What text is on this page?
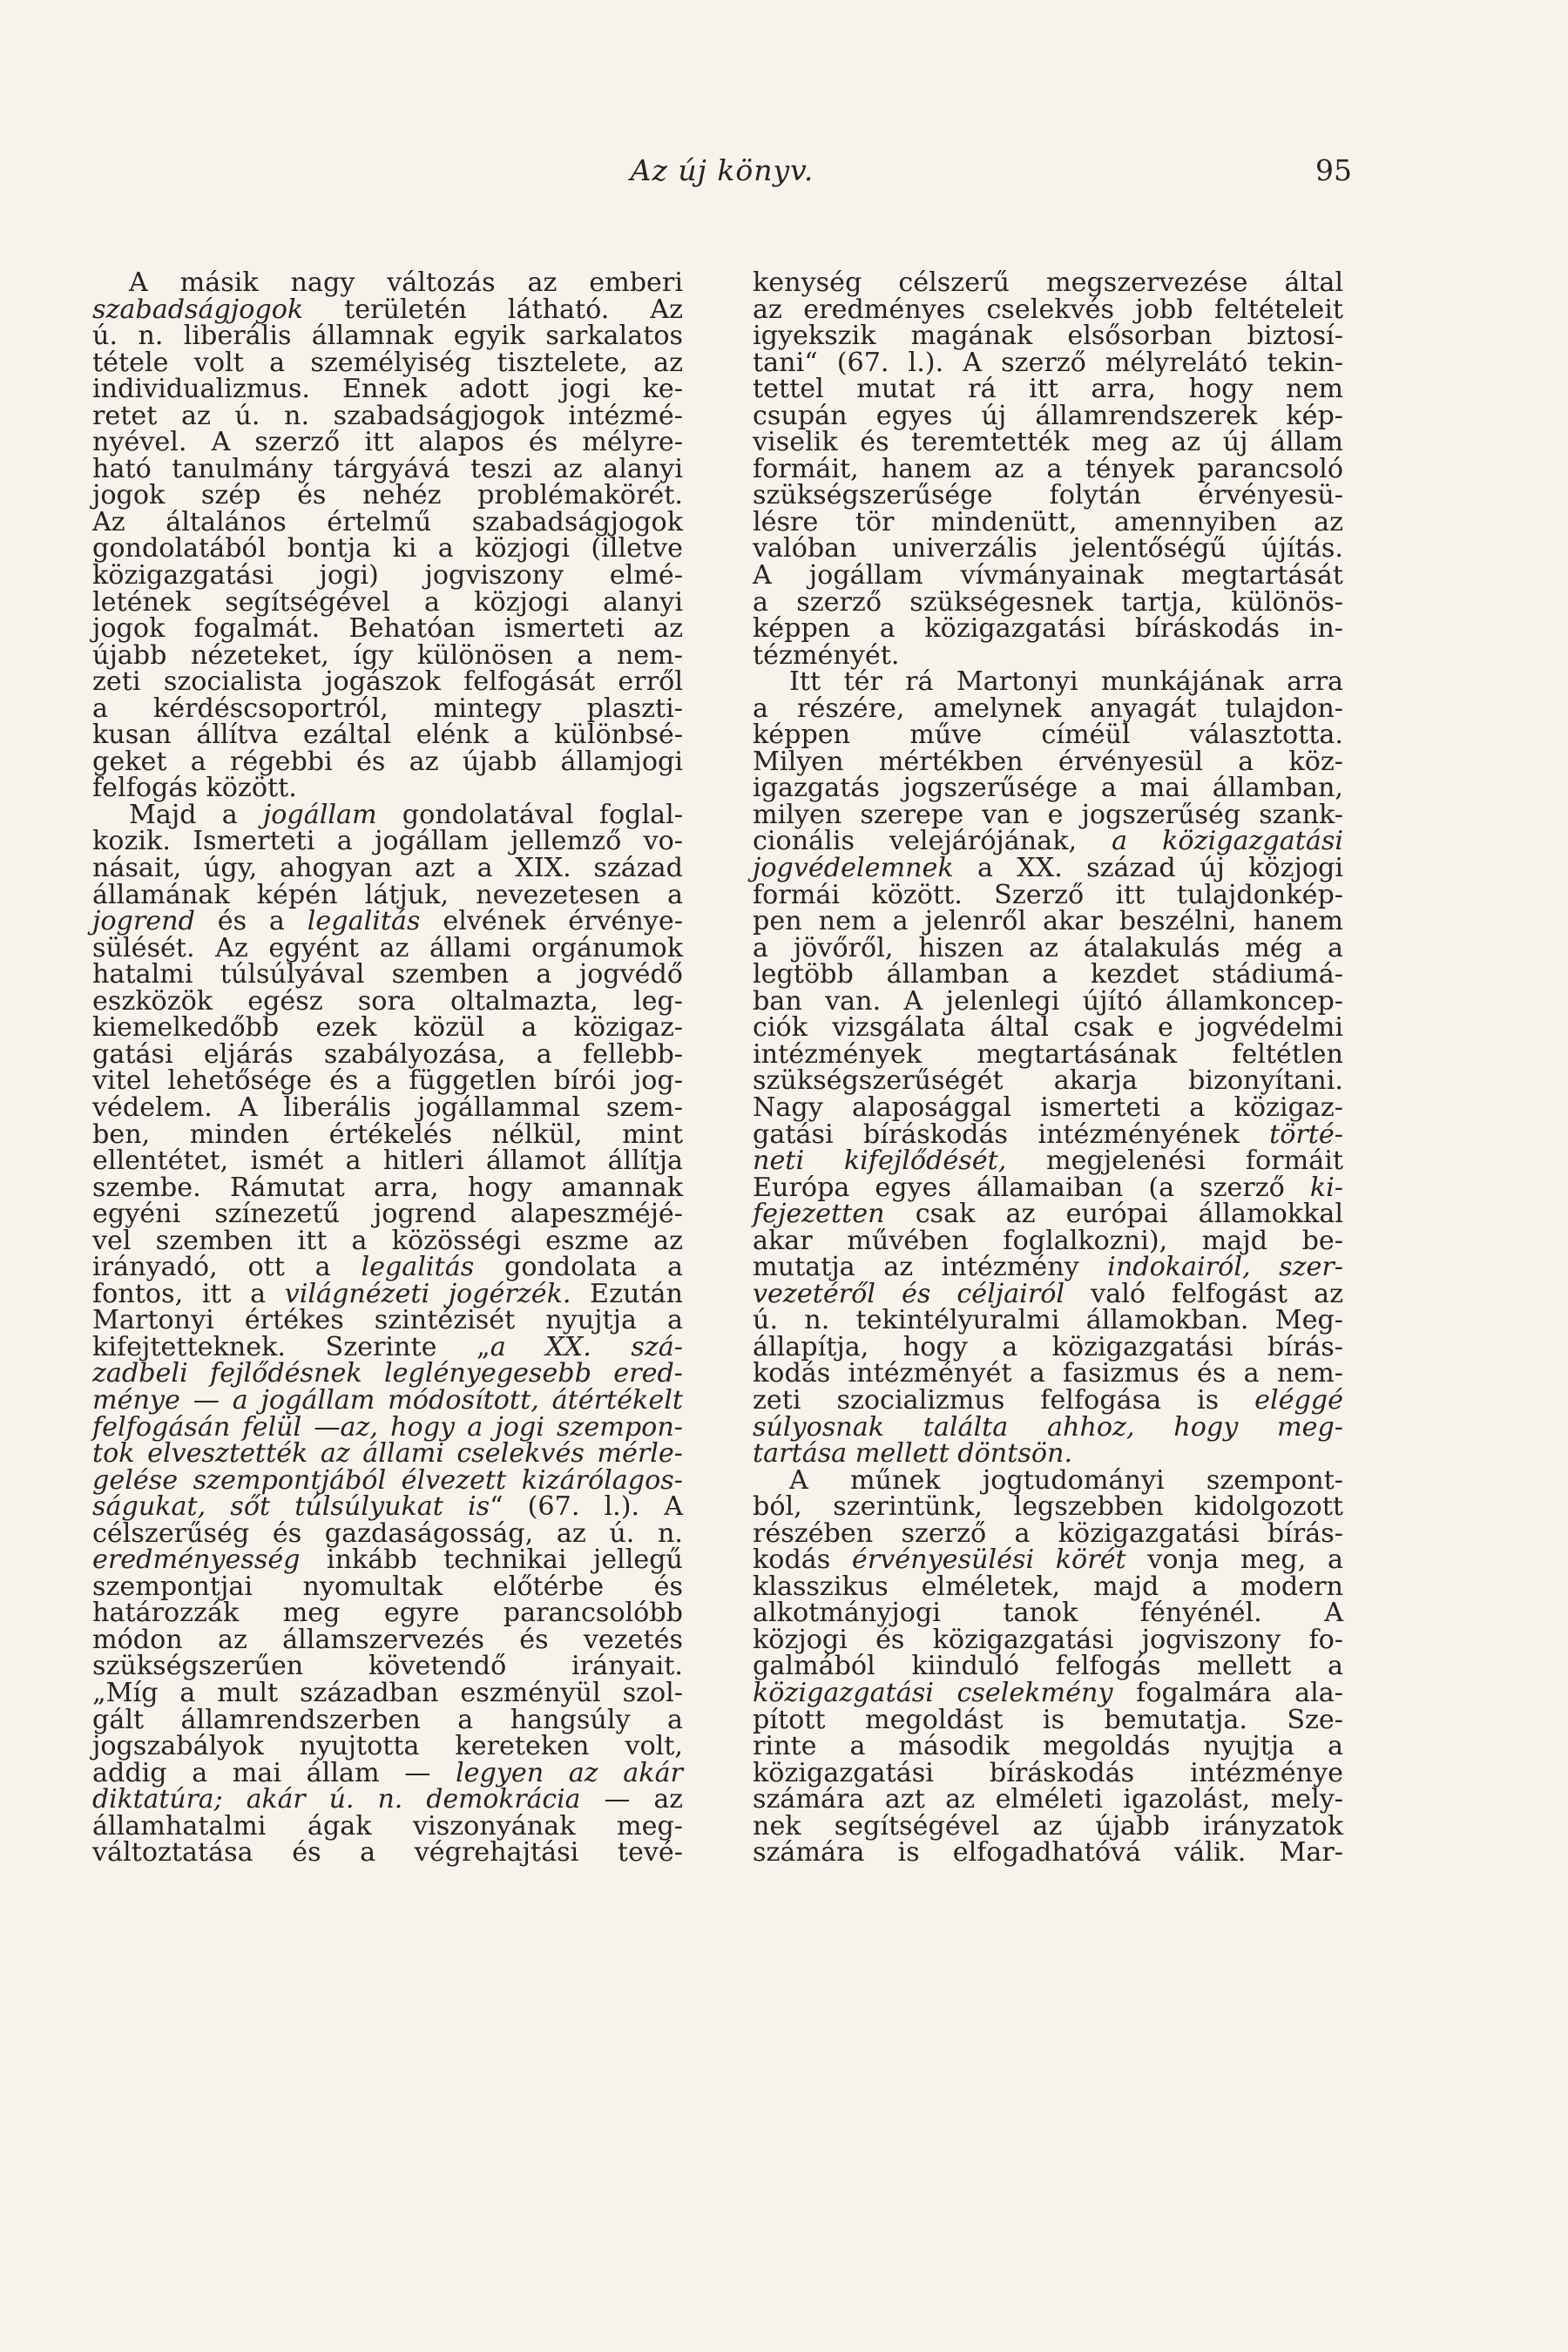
Az új könyv.	95
A másik nagy változás az emberi
szabadságjogok területén látható. Az
ú. n. liberális államnak egyik sarkalatos
tétele volt a személyiség tisztelete, az
individualizmus. Ennek adott jogi ke-
retet az ú. n. szabadságjogok intézmé-
nyével. A szerző itt alapos és mélyre-
ható tanulmány tárgyává teszi az alanyi
jogok szép és nehéz problémakörét.
Az általános értelmű szabadságjogok
gondolatából bontja ki a közjogi (illetve
közigazgatási jogi) jogviszony elmé-
letének segítségével a közjogi alanyi
jogok fogalmát. Behatóan ismerteti az
újabb nézeteket, így különösen a nem-
zeti szocialista jogászok felfogását erről
a kérdéscsoportról, mintegy plaszti-
kusan állítva ezáltal elénk a különbsé-
geket a régebbi és az újabb államjogi
felfogás között.
Majd a jogállam gondolatával foglal-
kozik. Ismerteti a jogállam jellemző vo-
násait, úgy, ahogyan azt a XIX. század
államának képén látjuk, nevezetesen a
jogrend és a legalitás elvének érvénye-
sülését. Az egyént az állami orgánumok
hatalmi túlsúlyával szemben a jogvédő
eszközök egész sora oltalmazta, leg-
kiemelkedőbb ezek közül a közigaz-
gatási eljárás szabályozása, a fellebb-
vitel lehetősége és a független bírói jog-
védelem. A liberális jogállammal szem-
ben, minden értékelés nélkül, mint
ellentétet, ismét a hitleri államot állítja
szembe. Rámutat arra, hogy amannak
egyéni színezetű jogrend alapeszméjé-
vel szemben itt a közösségi eszme az
irányadó, ott a legalitás gondolata a
fontos, itt a világnézeti jogérzék. Ezután
Martonyi értékes szintézisét nyujtja a
kifejtetteknek. Szerinte „a XX. szá-
zadbeli fejlődésnek leglényegesebb ered-
ménye — a jogállam módosított, átértékelt
felfogásán felül —az, hogy a jogi szempon-
tok elvesztették az állami cselekvés mérle-
gelése szempontjából élvezett kizárólagos-
ságukat, sőt túlsúlyukat is“ (67. l.). A
célszerűség és gazdaságosság, az ú. n.
eredményesség inkább technikai jellegű
szempontjai nyomultak előtérbe és
határozzák meg egyre parancsolóbb
módon az államszervezés és vezetés
szükségszerűen követendő irányait.
„Míg a mult században eszményül szol-
gált államrendszerben a hangsúly a
jogszabályok nyujtotta kereteken volt,
addig a mai állam — legyen az akár
diktatúra; akár ú. n. demokrácia — az
államhatalmi ágak viszonyának meg-
változtatása és a végrehajtási tevé-
kenység célszerű megszervezése által
az eredményes cselekvés jobb feltételeit
igyekszik magának elsősorban biztosí-
tani“ (67. l.). A szerző mélyrelátó tekin-
tettel mutat rá itt arra, hogy nem
csupán egyes új államrendszerek kép-
viselik és teremtették meg az új állam
formáit, hanem az a tények parancsoló
szükségszerűsége folytán érvényesü-
lésre tör mindenütt, amennyiben az
valóban univerzális jelentőségű újítás.
A jogállam vívmányainak megtartását
a szerző szükségesnek tartja, különös-
képpen a közigazgatási bíráskodás in-
tézményét.
Itt tér rá Martonyi munkájának arra
a részére, amelynek anyagát tulajdon-
képpen műve címéül választotta.
Milyen mértékben érvényesül a köz-
igazgatás jogszerűsége a mai államban,
milyen szerepe van e jogszerűség szank-
cionális velejárójának, a közigazgatási
jogvédelemnek a XX. század új közjogi
formái között. Szerző itt tulajdonkép-
pen nem a jelenről akar beszélni, hanem
a jövőről, hiszen az átalakulás még a
legtöbb államban a kezdet stádiumá-
ban van. A jelenlegi újító államkoncep-
ciók vizsgálata által csak e jogvédelmi
intézmények megtartásának feltétlen
szükségszerűségét akarja bizonyítani.
Nagy alaposággal ismerteti a közigaz-
gatási bíráskodás intézményének törté-
neti kifejlődését, megjelenési formáit
Európa egyes államaiban (a szerző ki-
fejezetten csak az európai államokkal
akar művében foglalkozni), majd be-
mutatja az intézmény indokairól, szer-
vezetéről és céljairól való felfogást az
ú. n. tekintélyuralmi államokban. Meg-
állapítja, hogy a közigazgatási bírás-
kodás intézményét a fasizmus és a nem-
zeti szocializmus felfogása is eléggé
súlyosnak találta ahhoz, hogy meg-
tartása mellett döntsön.
A műnek jogtudományi szempont-
ból, szerintünk, legszebben kidolgozott
részében szerző a közigazgatási bírás-
kodás érvényesülési körét vonja meg, a
klasszikus elméletek, majd a modern
alkotmányjogi tanok fényénél. A
közjogi és közigazgatási jogviszony fo-
galmából kiinduló felfogás mellett a
közigazgatási cselekmény fogalmára ala-
pított megoldást is bemutatja. Sze-
rinte a második megoldás nyujtja a
közigazgatási bíráskodás intézménye
számára azt az elméleti igazolást, mely-
nek segítségével az újabb irányzatok
számára is elfogadhatóvá válik. Mar-
